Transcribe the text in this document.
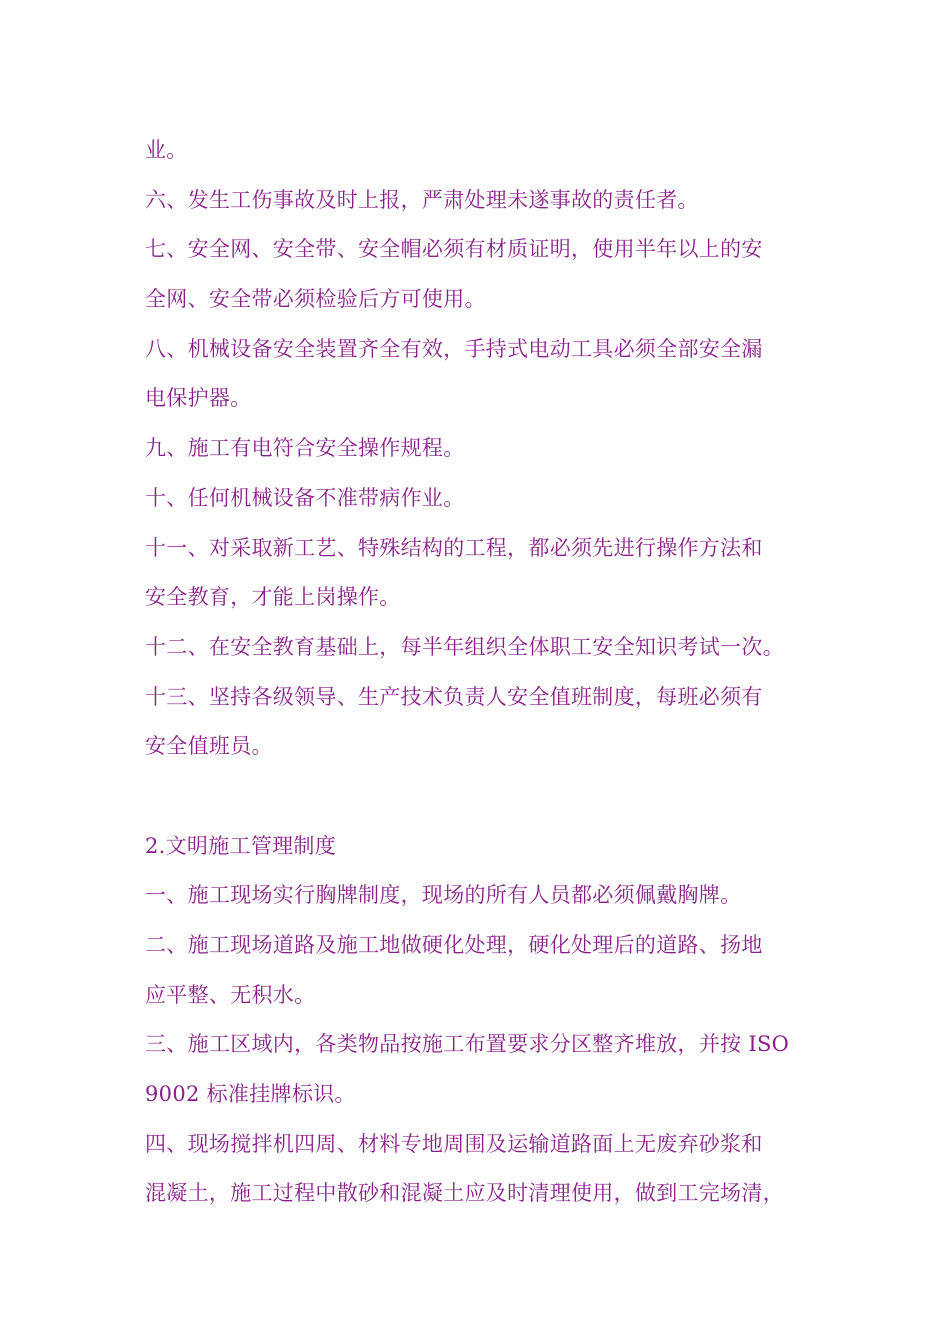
业。
六、发生工伤事故及时上报，严肃处理未遂事故的责任者。
七、安全网、安全带、安全帽必须有材质证明，使用半年以上的安
全网、安全带必须检验后方可使用。
八、机械设备安全装置齐全有效，手持式电动工具必须全部安全漏
电保护器。
九、施工有电符合安全操作规程。
十、任何机械设备不准带病作业。
十一、对采取新工艺、特殊结构的工程，都必须先进行操作方法和
安全教育，才能上岗操作。
十二、在安全教育基础上，每半年组织全体职工安全知识考试一次。
十三、坚持各级领导、生产技术负责人安全值班制度，每班必须有
安全值班员。
2.文明施工管理制度
一、施工现场实行胸牌制度，现场的所有人员都必须佩戴胸牌。
二、施工现场道路及施工地做硬化处理，硬化处理后的道路、扬地
应平整、无积水。
三、施工区域内，各类物品按施工布置要求分区整齐堆放，并按 ISO
9002 标准挂牌标识。
四、现场搅拌机四周、材料专地周围及运输道路面上无废弃砂浆和
混凝土，施工过程中散砂和混凝土应及时清理使用，做到工完场清，
